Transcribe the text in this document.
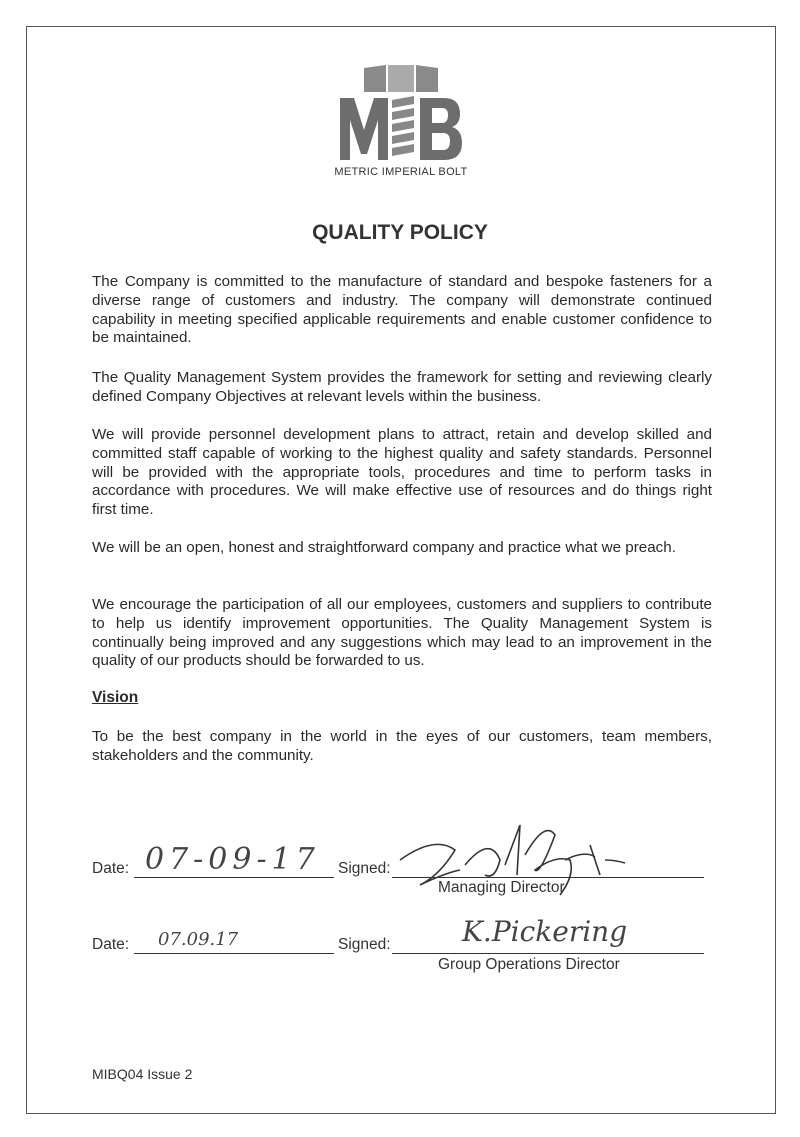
MIB
METRIC IMPERIAL BOLT
QUALITY POLICY
The Company is committed to the manufacture of standard and bespoke fasteners for a diverse range of customers and industry. The company will demonstrate continued capability in meeting specified applicable requirements and enable customer confidence to be maintained.
The Quality Management System provides the framework for setting and reviewing clearly defined Company Objectives at relevant levels within the business.
We will provide personnel development plans to attract, retain and develop skilled and committed staff capable of working to the highest quality and safety standards. Personnel will be provided with the appropriate tools, procedures and time to perform tasks in accordance with procedures. We will make effective use of resources and do things right first time.
We will be an open, honest and straightforward company and practice what we preach.
We encourage the participation of all our employees, customers and suppliers to contribute to help us identify improvement opportunities. The Quality Management System is continually being improved and any suggestions which may lead to an improvement in the quality of our products should be forwarded to us.
Vision
To be the best company in the world in the eyes of our customers, team members, stakeholders and the community.
Date: 07-09-17 Signed:
Managing Director
Date: 07.09.17	Signed:	K.Pickering
Group Operations Director
MIBQ04 Issue 2
